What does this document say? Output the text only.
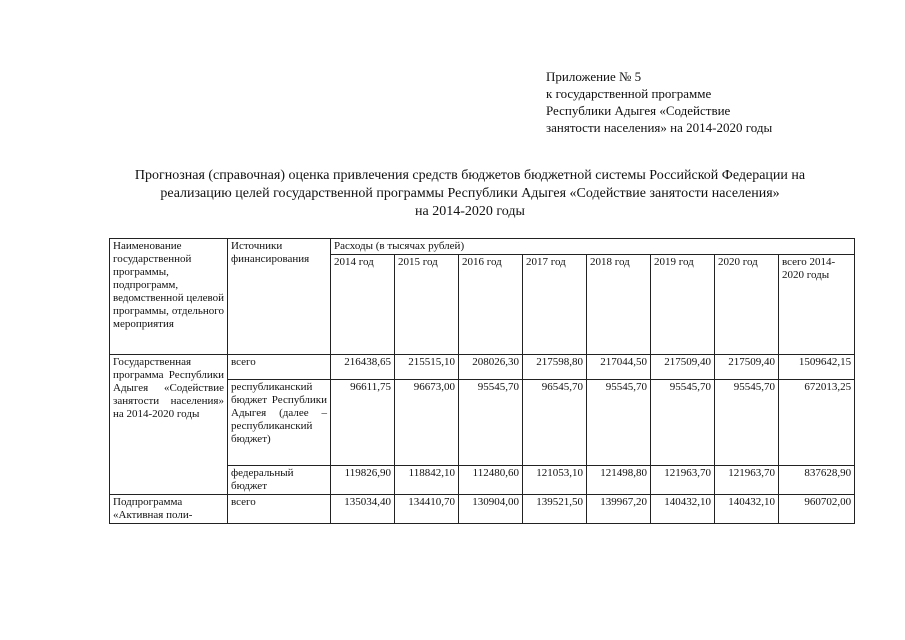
Приложение № 5
к государственной программе
Республики Адыгея «Содействие
занятости населения» на 2014-2020 годы
Прогнозная (справочная) оценка привлечения средств бюджетов бюджетной системы Российской Федерации на
реализацию целей государственной программы Республики Адыгея «Содействие занятости населения»
на 2014-2020 годы
Наименование государственной программы, подпрограмм, ведомственной целевой программы, отдельного мероприятия	Источники финансирования	Расходы (в тысячах рублей)							
		2014 год	2015 год	2016 год	2017 год	2018 год	2019 год	2020 год	всего 2014-2020 годы
Государственная программа Республики Адыгея «Содействие занятости населения» на 2014-2020 годы	всего	216438,65	215515,10	208026,30	217598,80	217044,50	217509,40	217509,40	1509642,15
	республиканский бюджет Республики Адыгея (далее – республиканский бюджет)	96611,75	96673,00	95545,70	96545,70	95545,70	95545,70	95545,70	672013,25
	федеральный бюджет	119826,90	118842,10	112480,60	121053,10	121498,80	121963,70	121963,70	837628,90
Подпрограмма «Активная поли-	всего	135034,40	134410,70	130904,00	139521,50	139967,20	140432,10	140432,10	960702,00
